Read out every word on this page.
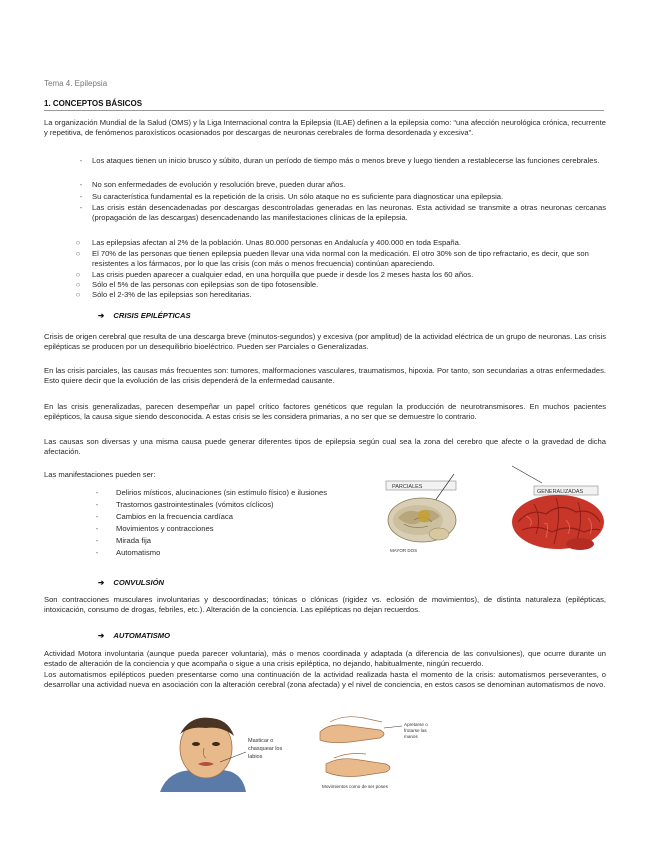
Tema 4. Epilepsia
1. CONCEPTOS BÁSICOS
La organización Mundial de la Salud (OMS) y la Liga Internacional contra la Epilepsia (ILAE) definen a la epilepsia como: “una afección neurológica crónica, recurrente y repetitiva, de fenómenos paroxísticos ocasionados por descargas de neuronas cerebrales de forma desordenada y excesiva”.
-	Los ataques tienen un inicio brusco y súbito, duran un período de tiempo más o menos breve y luego tienden a restablecerse las funciones cerebrales.
-	No son enfermedades de evolución y resolución breve, pueden durar años.
-	Su característica fundamental es la repetición de la crisis. Un sólo ataque no es suficiente para diagnosticar una epilepsia.
-	Las crisis están desencadenadas por descargas descontroladas generadas en las neuronas. Esta actividad se transmite a otras neuronas cercanas (propagación de las descargas) desencadenando las manifestaciones clínicas de la epilepsia.
○	Las epilepsias afectan al 2% de la población. Unas 80.000 personas en Andalucía y 400.000 en toda España.
○	El 70% de las personas que tienen epilepsia pueden llevar una vida normal con la medicación. El otro 30% son de tipo refractario, es decir, que son resistentes a los fármacos, por lo que las crisis (con más o menos frecuencia) continúan apareciendo.
○	Las crisis pueden aparecer a cualquier edad, en una horquilla que puede ir desde los 2 meses hasta los 60 años.
○	Sólo el 5% de las personas con epilepsias son de tipo fotosensible.
○	Sólo el 2-3% de las epilepsias son hereditarias.
➔ CRISIS EPILÉPTICAS
Crisis de origen cerebral que resulta de una descarga breve (minutos-segundos) y excesiva (por amplitud) de la actividad eléctrica de un grupo de neuronas. Las crisis epilépticas se producen por un desequilibrio bioeléctrico. Pueden ser Parciales o Generalizadas.
En las crisis parciales, las causas más frecuentes son: tumores, malformaciones vasculares, traumatismos, hipoxia. Por tanto, son secundarias a otras enfermedades. Esto quiere decir que la evolución de las crisis dependerá de la enfermedad causante.
En las crisis generalizadas, parecen desempeñar un papel crítico factores genéticos que regulan la producción de neurotransmisores. En muchos pacientes epilépticos, la causa sigue siendo desconocida. A estas crisis se les considera primarias, a no ser que se demuestre lo contrario.
Las causas son diversas y una misma causa puede generar diferentes tipos de epilepsia según cual sea la zona del cerebro que afecte o la gravedad de dicha afectación.
Las manifestaciones pueden ser:
-	Delirios místicos, alucinaciones (sin estímulo físico) e ilusiones
-	Trastornos gastrointestinales (vómitos cíclicos)
-	Cambios en la frecuencia cardíaca
-	Movimientos y contracciones
-	Mirada fija
-	Automatismo
PARCIALES
GENERALIZADAS
MAYOR DOS
➔ CONVULSIÓN
Son contracciones musculares involuntarias y descoordinadas; tónicas o clónicas (rigidez vs. eclosión de movimientos), de distinta naturaleza (epilépticas, intoxicación, consumo de drogas, febriles, etc.). Alteración de la conciencia. Las epilépticas no dejan recuerdos.
➔ AUTOMATISMO
Actividad Motora involuntaria (aunque pueda parecer voluntaria), más o menos coordinada y adaptada (a diferencia de las convulsiones), que ocurre durante un estado de alteración de la conciencia y que acompaña o sigue a una crisis epiléptica, no dejando, habitualmente, ningún recuerdo.
Los automatismos epilépticos pueden presentarse como una continuación de la actividad realizada hasta el momento de la crisis: automatismos perseverantes, o desarrollar una actividad nueva en asociación con la alteración cerebral (zona afectada) y el nivel de conciencia, en estos casos se denominan automatismos de novo.
Masticar o
chasquear los
labios
Apretarse o
frotarse las
manos
Movimientos como de ser poses
